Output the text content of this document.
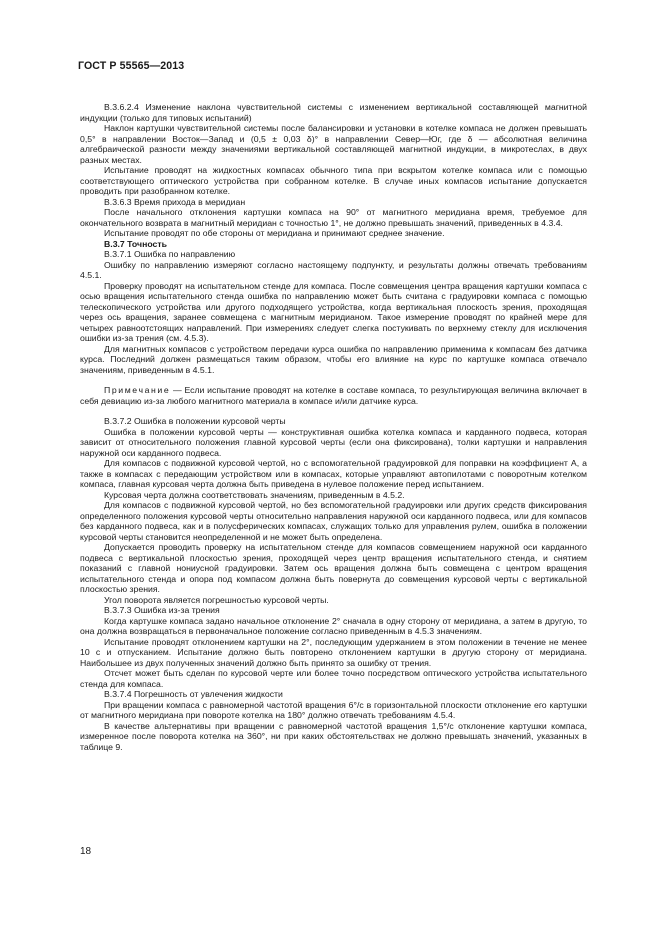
ГОСТ Р 55565—2013

В.3.6.2.4 Изменение наклона чувствительной системы с изменением вертикальной составляющей магнитной индукции (только для типовых испытаний)

Наклон картушки чувствительной системы после балансировки и установки в котелке компаса не должен превышать 0,5° в направлении Восток—Запад и (0,5 ± 0,03 δ)° в направлении Север—Юг, где δ — абсолютная величина алгебраической разности между значениями вертикальной составляющей магнитной индукции, в микротеслах, в двух разных местах.

Испытание проводят на жидкостных компасах обычного типа при вскрытом котелке компаса или с помощью соответствующего оптического устройства при собранном котелке. В случае иных компасов испытание допускается проводить при разобранном котелке.

В.3.6.3 Время прихода в меридиан

После начального отклонения картушки компаса на 90° от магнитного меридиана время, требуемое для окончательного возврата в магнитный меридиан с точностью 1°, не должно превышать значений, приведенных в 4.3.4.

Испытание проводят по обе стороны от меридиана и принимают среднее значение.

В.3.7 Точность

В.3.7.1 Ошибка по направлению

Ошибку по направлению измеряют согласно настоящему подпункту, и результаты должны отвечать требованиям 4.5.1.

Проверку проводят на испытательном стенде для компаса. После совмещения центра вращения картушки компаса с осью вращения испытательного стенда ошибка по направлению может быть считана с градуировки компаса с помощью телескопического устройства или другого подходящего устройства, когда вертикальная плоскость зрения, проходящая через ось вращения, заранее совмещена с магнитным меридианом. Такое измерение проводят по крайней мере для четырех равноотстоящих направлений. При измерениях следует слегка постукивать по верхнему стеклу для исключения ошибки из-за трения (см. 4.5.3).

Для магнитных компасов с устройством передачи курса ошибка по направлению применима к компасам без датчика курса. Последний должен размещаться таким образом, чтобы его влияние на курс по картушке компаса отвечало значениям, приведенным в 4.5.1.

Примечание — Если испытание проводят на котелке в составе компаса, то результирующая величина включает в себя девиацию из-за любого магнитного материала в компасе и/или датчике курса.

В.3.7.2 Ошибка в положении курсовой черты

Ошибка в положении курсовой черты — конструктивная ошибка котелка компаса и карданного подвеса, которая зависит от относительного положения главной курсовой черты (если она фиксирована), толки картушки и направления наружной оси карданного подвеса.

Для компасов с подвижной курсовой чертой, но с вспомогательной градуировкой для поправки на коэффициент А, а также в компасах с передающим устройством или в компасах, которые управляют автопилотами с поворотным котелком компаса, главная курсовая черта должна быть приведена в нулевое положение перед испытанием.

Курсовая черта должна соответствовать значениям, приведенным в 4.5.2.

Для компасов с подвижной курсовой чертой, но без вспомогательной градуировки или других средств фиксирования определенного положения курсовой черты относительно направления наружной оси карданного подвеса, или для компасов без карданного подвеса, как и в полусферических компасах, служащих только для управления рулем, ошибка в положении курсовой черты становится неопределенной и не может быть определена.

Допускается проводить проверку на испытательном стенде для компасов совмещением наружной оси карданного подвеса с вертикальной плоскостью зрения, проходящей через центр вращения испытательного стенда, и снятием показаний с главной нониусной градуировки. Затем ось вращения должна быть совмещена с центром вращения испытательного стенда и опора под компасом должна быть повернута до совмещения курсовой черты с вертикальной плоскостью зрения.

Угол поворота является погрешностью курсовой черты.

В.3.7.3 Ошибка из-за трения

Когда картушке компаса задано начальное отклонение 2° сначала в одну сторону от меридиана, а затем в другую, то она должна возвращаться в первоначальное положение согласно приведенным в 4.5.3 значениям.

Испытание проводят отклонением картушки на 2°, последующим удержанием в этом положении в течение не менее 10 с и отпусканием. Испытание должно быть повторено отклонением картушки в другую сторону от меридиана. Наибольшее из двух полученных значений должно быть принято за ошибку от трения.

Отсчет может быть сделан по курсовой черте или более точно посредством оптического устройства испытательного стенда для компаса.

В.3.7.4 Погрешность от увлечения жидкости

При вращении компаса с равномерной частотой вращения 6°/с в горизонтальной плоскости отклонение его картушки от магнитного меридиана при повороте котелка на 180° должно отвечать требованиям 4.5.4.

В качестве альтернативы при вращении с равномерной частотой вращения 1,5°/с отклонение картушки компаса, измеренное после поворота котелка на 360°, ни при каких обстоятельствах не должно превышать значений, указанных в таблице 9.

18
